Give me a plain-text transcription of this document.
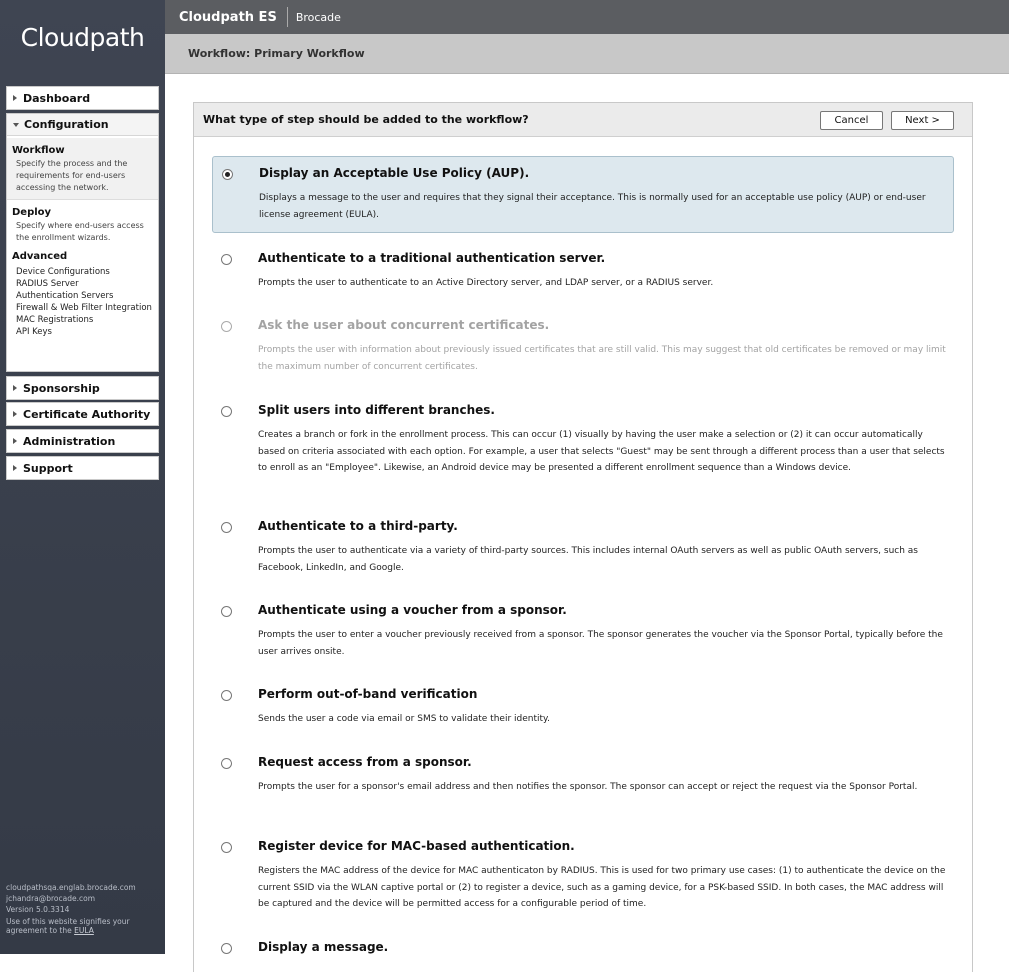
Cloudpath
Dashboard
Configuration
Workflow
Specify the process and the requirements for end-users accessing the network.
Deploy
Specify where end-users access the enrollment wizards.
Advanced
Device Configurations
RADIUS Server
Authentication Servers
Firewall & Web Filter Integration
MAC Registrations
API Keys
Sponsorship
Certificate Authority
Administration
Support
cloudpathsqa.englab.brocade.com
jchandra@brocade.com
Version 5.0.3314
Use of this website signifies your agreement to the EULA
Cloudpath ES Brocade
Workflow: Primary Workflow
What type of step should be added to the workflow?	Cancel	Next >
Display an Acceptable Use Policy (AUP).
Displays a message to the user and requires that they signal their acceptance. This is normally used for an acceptable use policy (AUP) or end-user license agreement (EULA).
Authenticate to a traditional authentication server.
Prompts the user to authenticate to an Active Directory server, and LDAP server, or a RADIUS server.
Ask the user about concurrent certificates.
Prompts the user with information about previously issued certificates that are still valid. This may suggest that old certificates be removed or may limit the maximum number of concurrent certificates.
Split users into different branches.
Creates a branch or fork in the enrollment process. This can occur (1) visually by having the user make a selection or (2) it can occur automatically based on criteria associated with each option. For example, a user that selects "Guest" may be sent through a different process than a user that selects to enroll as an "Employee". Likewise, an Android device may be presented a different enrollment sequence than a Windows device.
Authenticate to a third-party.
Prompts the user to authenticate via a variety of third-party sources. This includes internal OAuth servers as well as public OAuth servers, such as Facebook, LinkedIn, and Google.
Authenticate using a voucher from a sponsor.
Prompts the user to enter a voucher previously received from a sponsor. The sponsor generates the voucher via the Sponsor Portal, typically before the user arrives onsite.
Perform out-of-band verification
Sends the user a code via email or SMS to validate their identity.
Request access from a sponsor.
Prompts the user for a sponsor's email address and then notifies the sponsor. The sponsor can accept or reject the request via the Sponsor Portal.
Register device for MAC-based authentication.
Registers the MAC address of the device for MAC authenticaton by RADIUS. This is used for two primary use cases: (1) to authenticate the device on the current SSID via the WLAN captive portal or (2) to register a device, such as a gaming device, for a PSK-based SSID. In both cases, the MAC address will be captured and the device will be permitted access for a configurable period of time.
Display a message.
